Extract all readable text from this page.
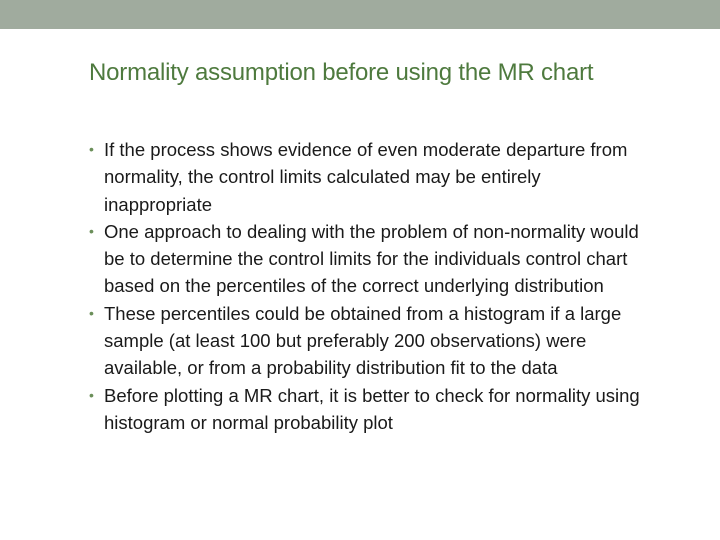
Normality assumption before using the MR chart
• If the process shows evidence of even moderate departure from normality, the control limits calculated may be entirely inappropriate
• One approach to dealing with the problem of non-normality would be to determine the control limits for the individuals control chart based on the percentiles of the correct underlying distribution
• These percentiles could be obtained from a histogram if a large sample (at least 100 but preferably 200 observations) were available, or from a probability distribution fit to the data
• Before plotting a MR chart, it is better to check for normality using histogram or normal probability plot
